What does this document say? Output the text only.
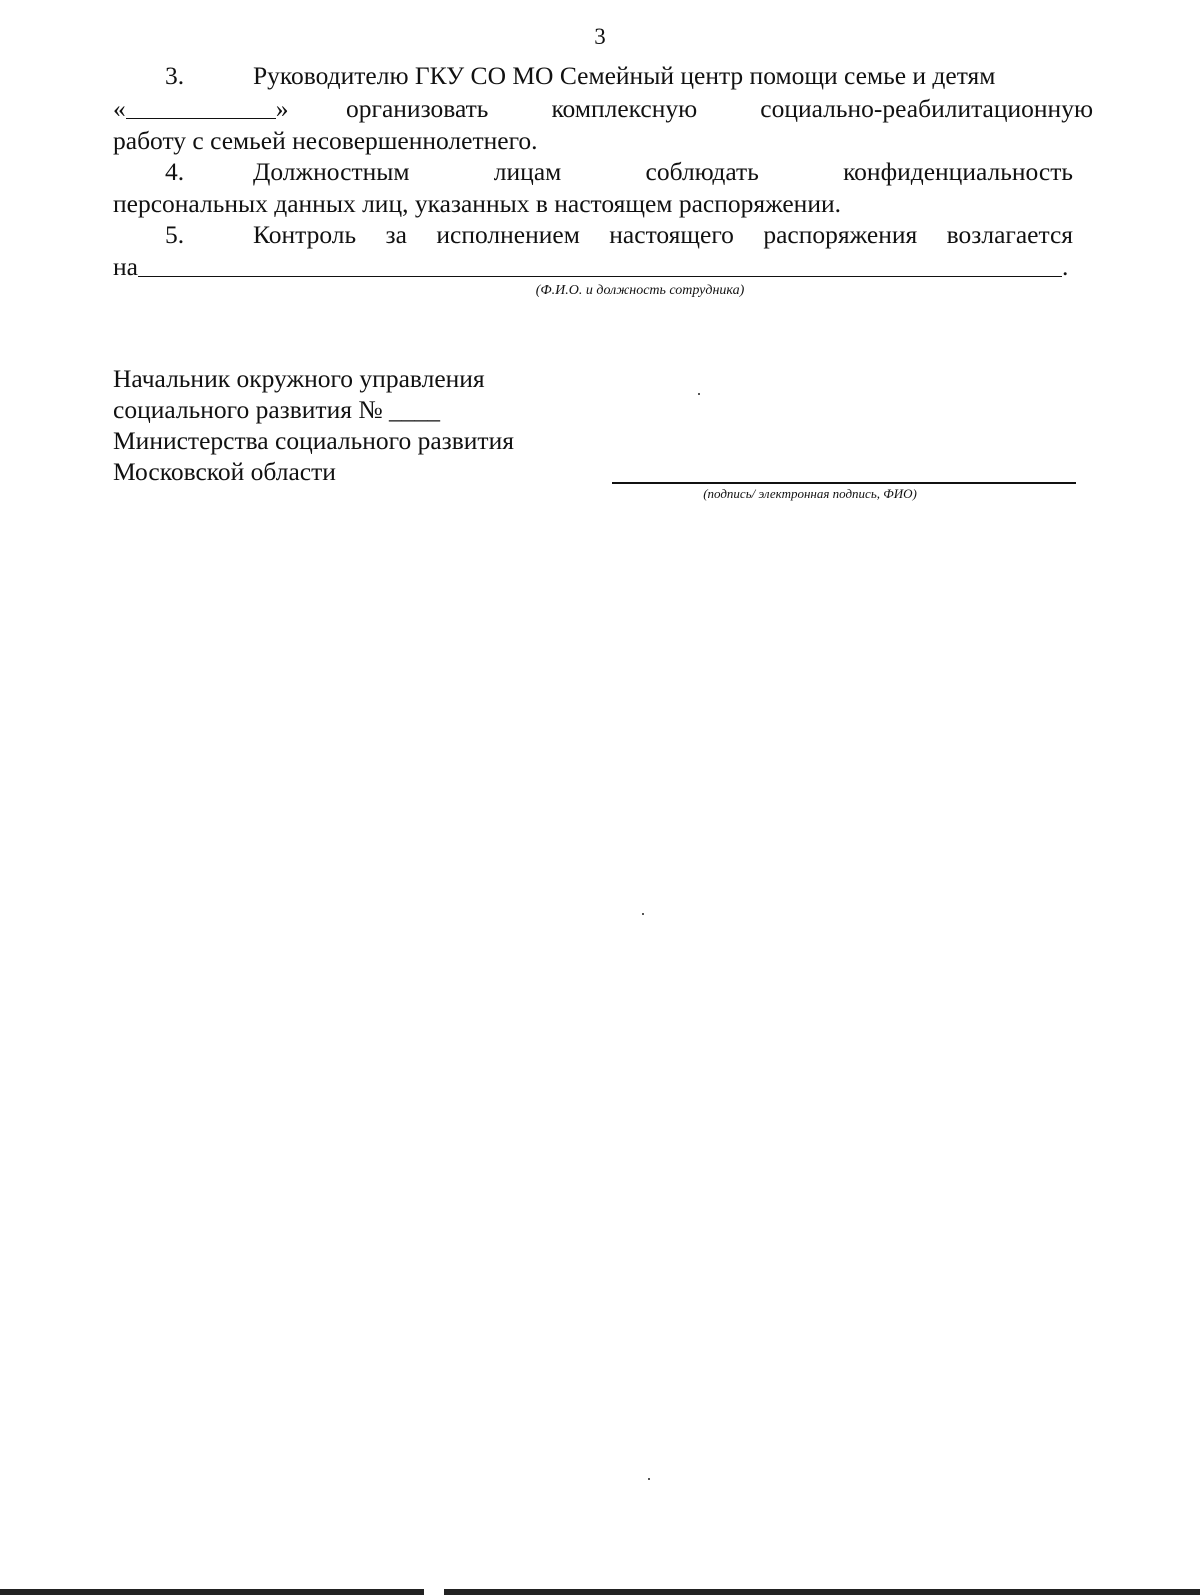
3
3.	Руководителю ГКУ СО МО Семейный центр помощи семье и детям
«	» организовать комплексную социально-реабилитационную
работу с семьей несовершеннолетнего.
4.	Должностным лицам соблюдать конфиденциальность
персональных данных лиц, указанных в настоящем распоряжении.
5.	Контроль за исполнением настоящего распоряжения возлагается
на	.
(Ф.И.О. и должность сотрудника)
Начальник окружного управления
социального развития № ____
Министерства социального развития
Московской области
(подпись/ электронная подпись, ФИО)
